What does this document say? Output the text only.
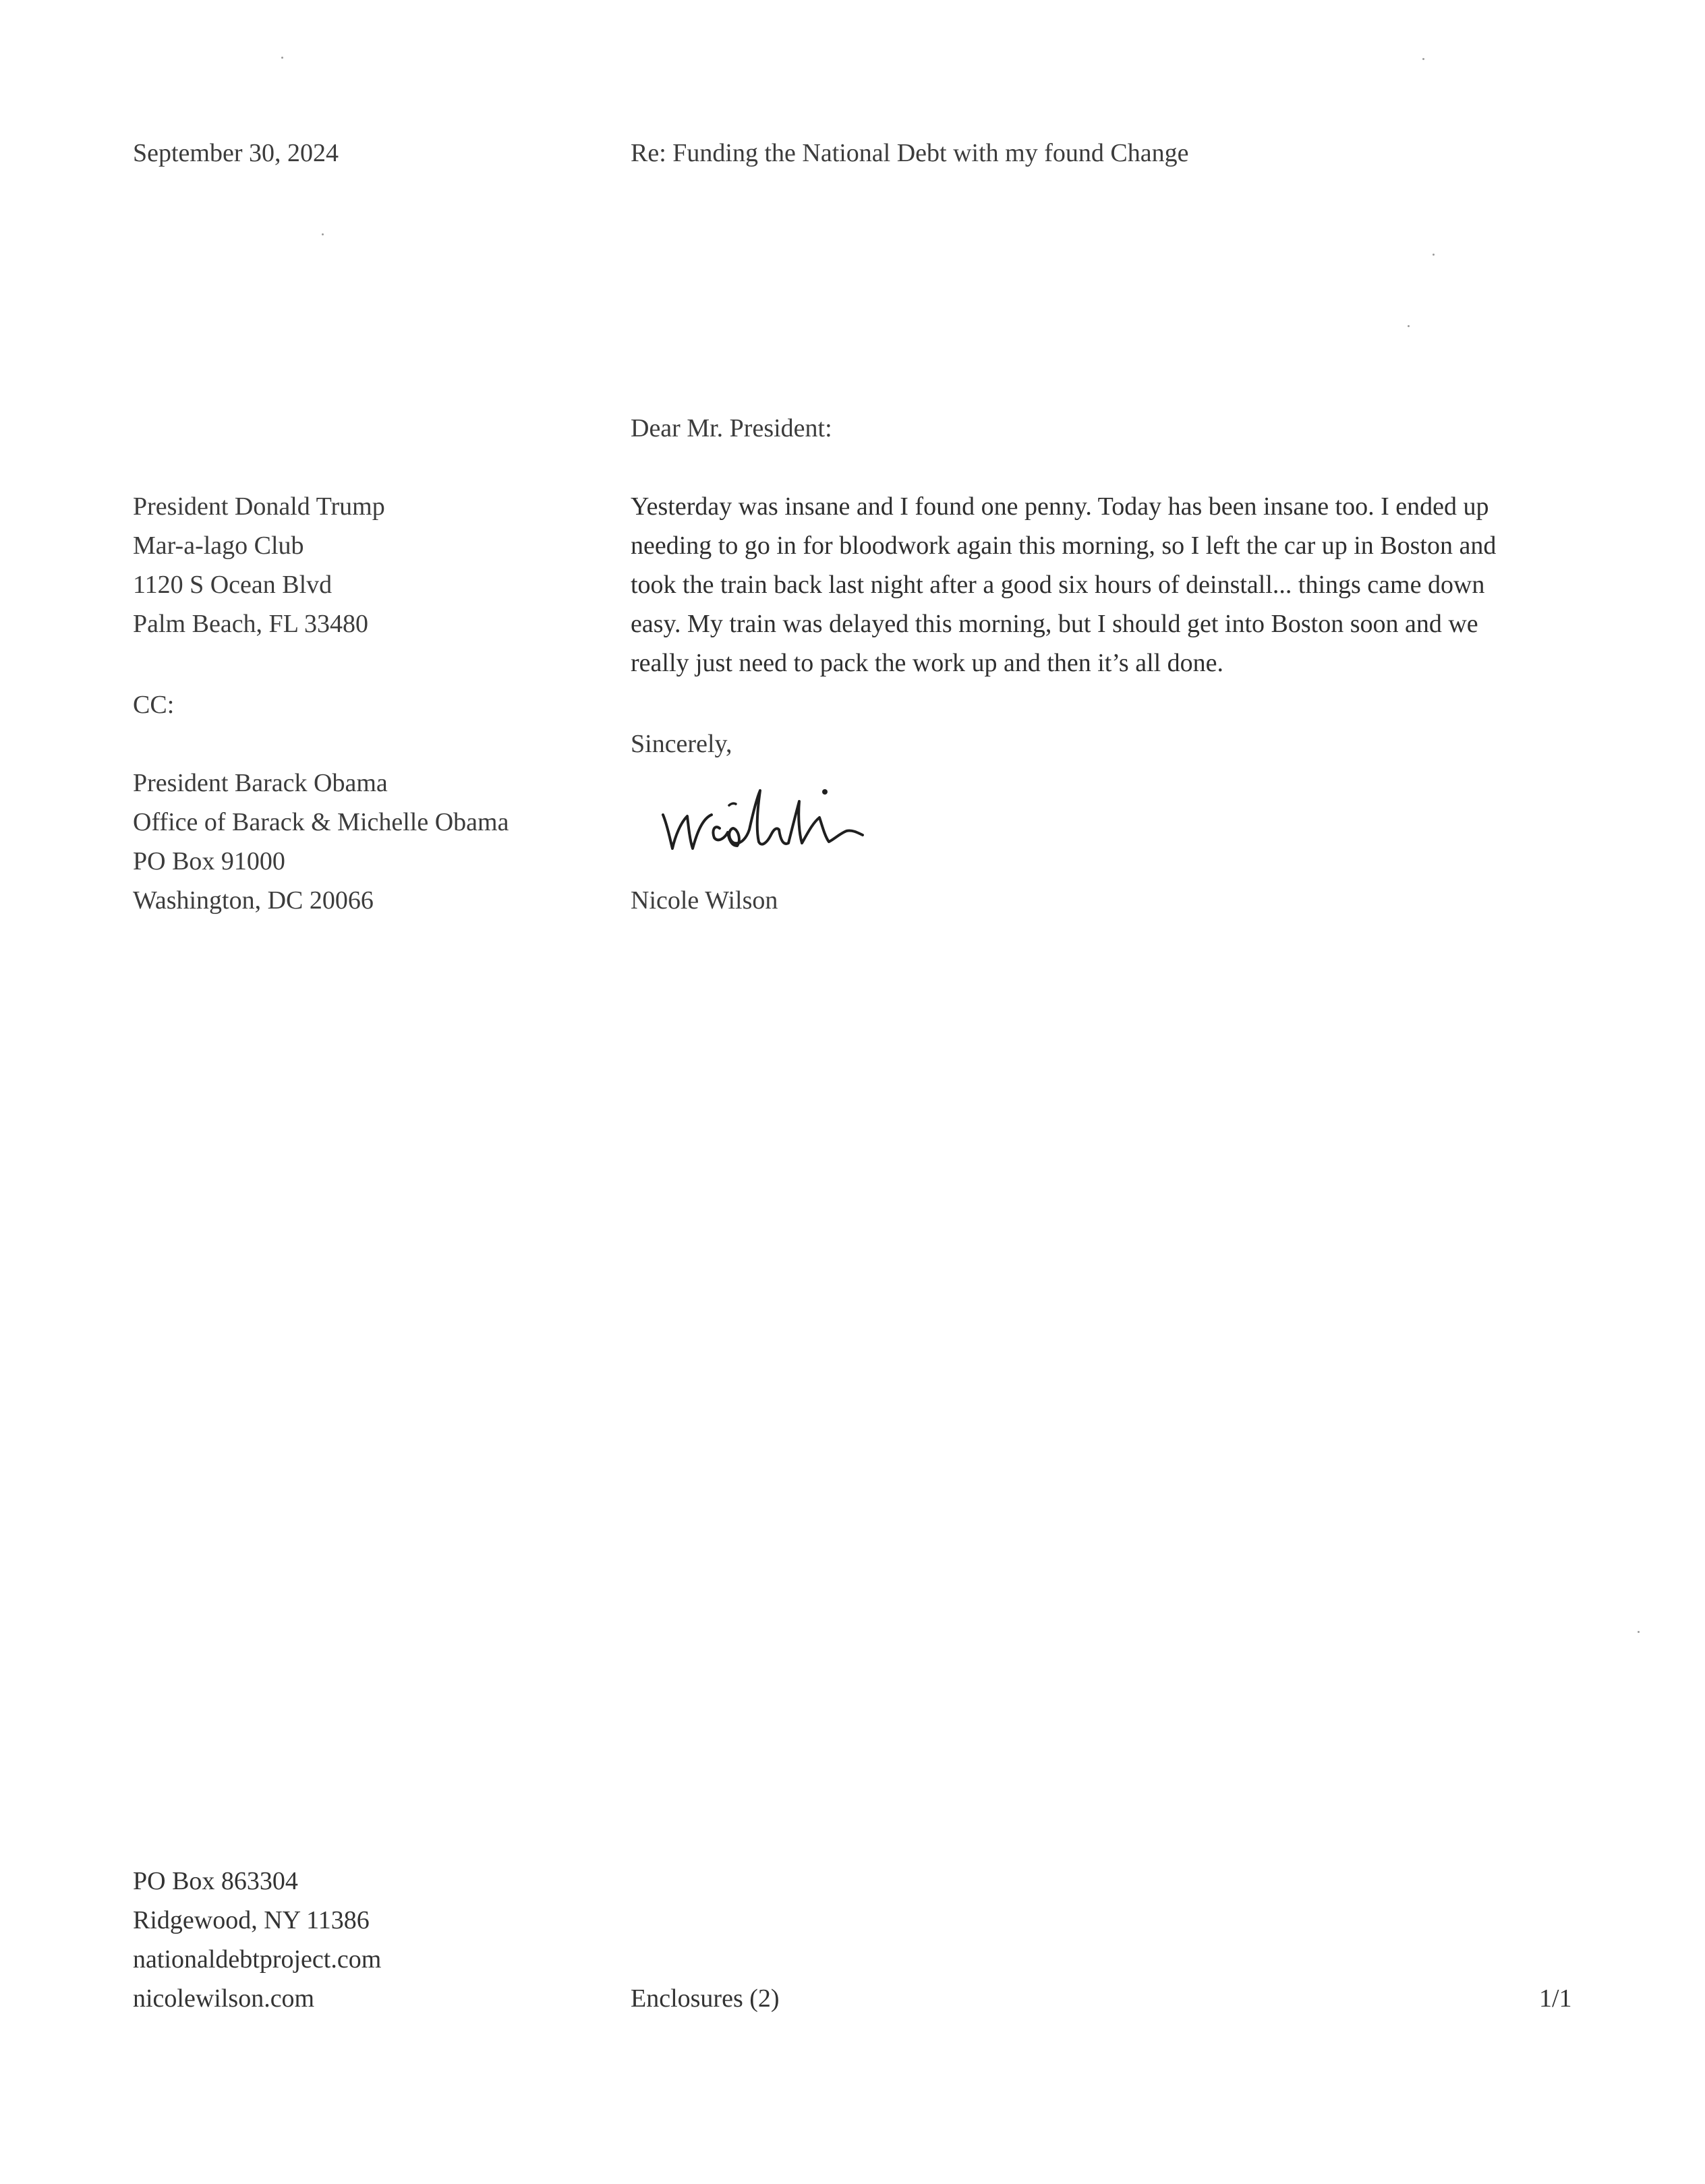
September 30, 2024	Re: Funding the National Debt with my found Change
Dear Mr. President:
President Donald Trump
Mar-a-lago Club
1120 S Ocean Blvd
Palm Beach, FL 33480
CC:
President Barack Obama
Office of Barack & Michelle Obama
PO Box 91000
Washington, DC 20066
Yesterday was insane and I found one penny. Today has been insane too. I ended up
needing to go in for bloodwork again this morning, so I left the car up in Boston and
took the train back last night after a good six hours of deinstall... things came down
easy. My train was delayed this morning, but I should get into Boston soon and we
really just need to pack the work up and then it’s all done.
Sincerely,
Nicole Wilson
PO Box 863304
Ridgewood, NY 11386
nationaldebtproject.com
nicolewilson.com	Enclosures (2)	1/1
